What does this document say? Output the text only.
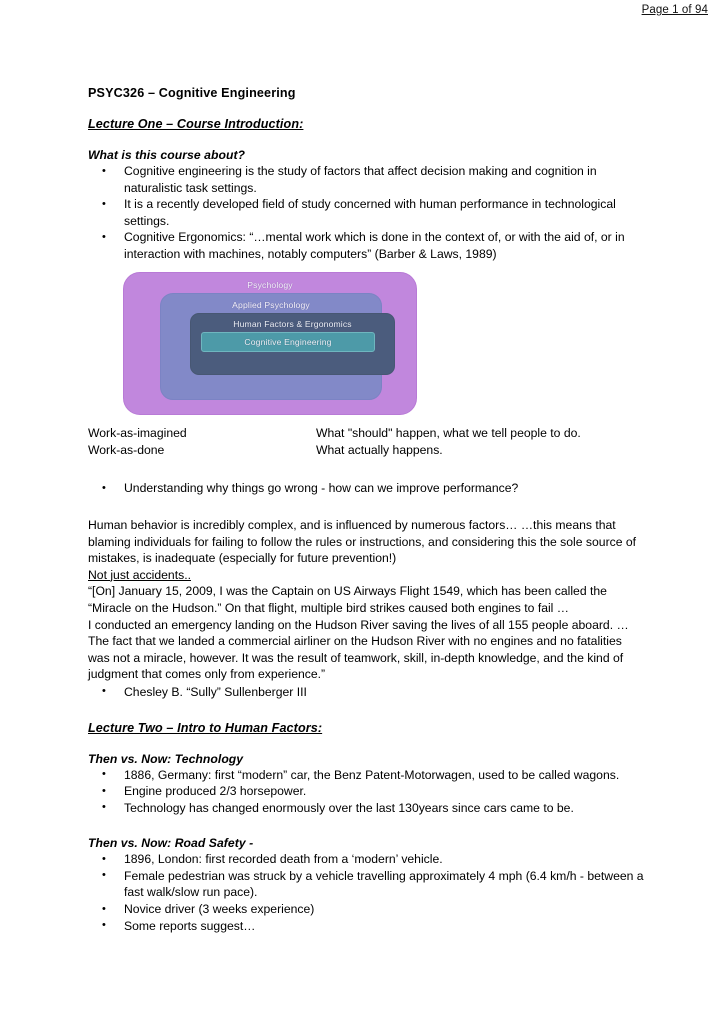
Page 1 of 94
PSYC326 – Cognitive Engineering
Lecture One – Course Introduction:
What is this course about?
• Cognitive engineering is the study of factors that affect decision making and cognition in naturalistic task settings.
• It is a recently developed field of study concerned with human performance in technological settings.
• Cognitive Ergonomics: “…mental work which is done in the context of, or with the aid of, or in interaction with machines, notably computers” (Barber & Laws, 1989)
Psychology
Applied Psychology
Human Factors & Ergonomics
Cognitive Engineering
Work-as-imagined	What "should" happen, what we tell people to do.
Work-as-done	What actually happens.
• Understanding why things go wrong - how can we improve performance?

Human behavior is incredibly complex, and is influenced by numerous factors… …this means that blaming individuals for failing to follow the rules or instructions, and considering this the sole source of mistakes, is inadequate (especially for future prevention!)

Not just accidents..

“[On] January 15, 2009, I was the Captain on US Airways Flight 1549, which has been called the “Miracle on the Hudson.” On that flight, multiple bird strikes caused both engines to fail …

I conducted an emergency landing on the Hudson River saving the lives of all 155 people aboard. …The fact that we landed a commercial airliner on the Hudson River with no engines and no fatalities was not a miracle, however. It was the result of teamwork, skill, in-depth knowledge, and the kind of judgment that comes only from experience.”

• Chesley B. “Sully” Sullenberger III
Lecture Two – Intro to Human Factors:
Then vs. Now: Technology
• 1886, Germany: first “modern” car, the Benz Patent-Motorwagen, used to be called wagons.
• Engine produced 2/3 horsepower.
• Technology has changed enormously over the last 130years since cars came to be.
Then vs. Now: Road Safety -
• 1896, London: first recorded death from a ‘modern’ vehicle.
• Female pedestrian was struck by a vehicle travelling approximately 4 mph (6.4 km/h - between a fast walk/slow run pace).
• Novice driver (3 weeks experience)
• Some reports suggest…
